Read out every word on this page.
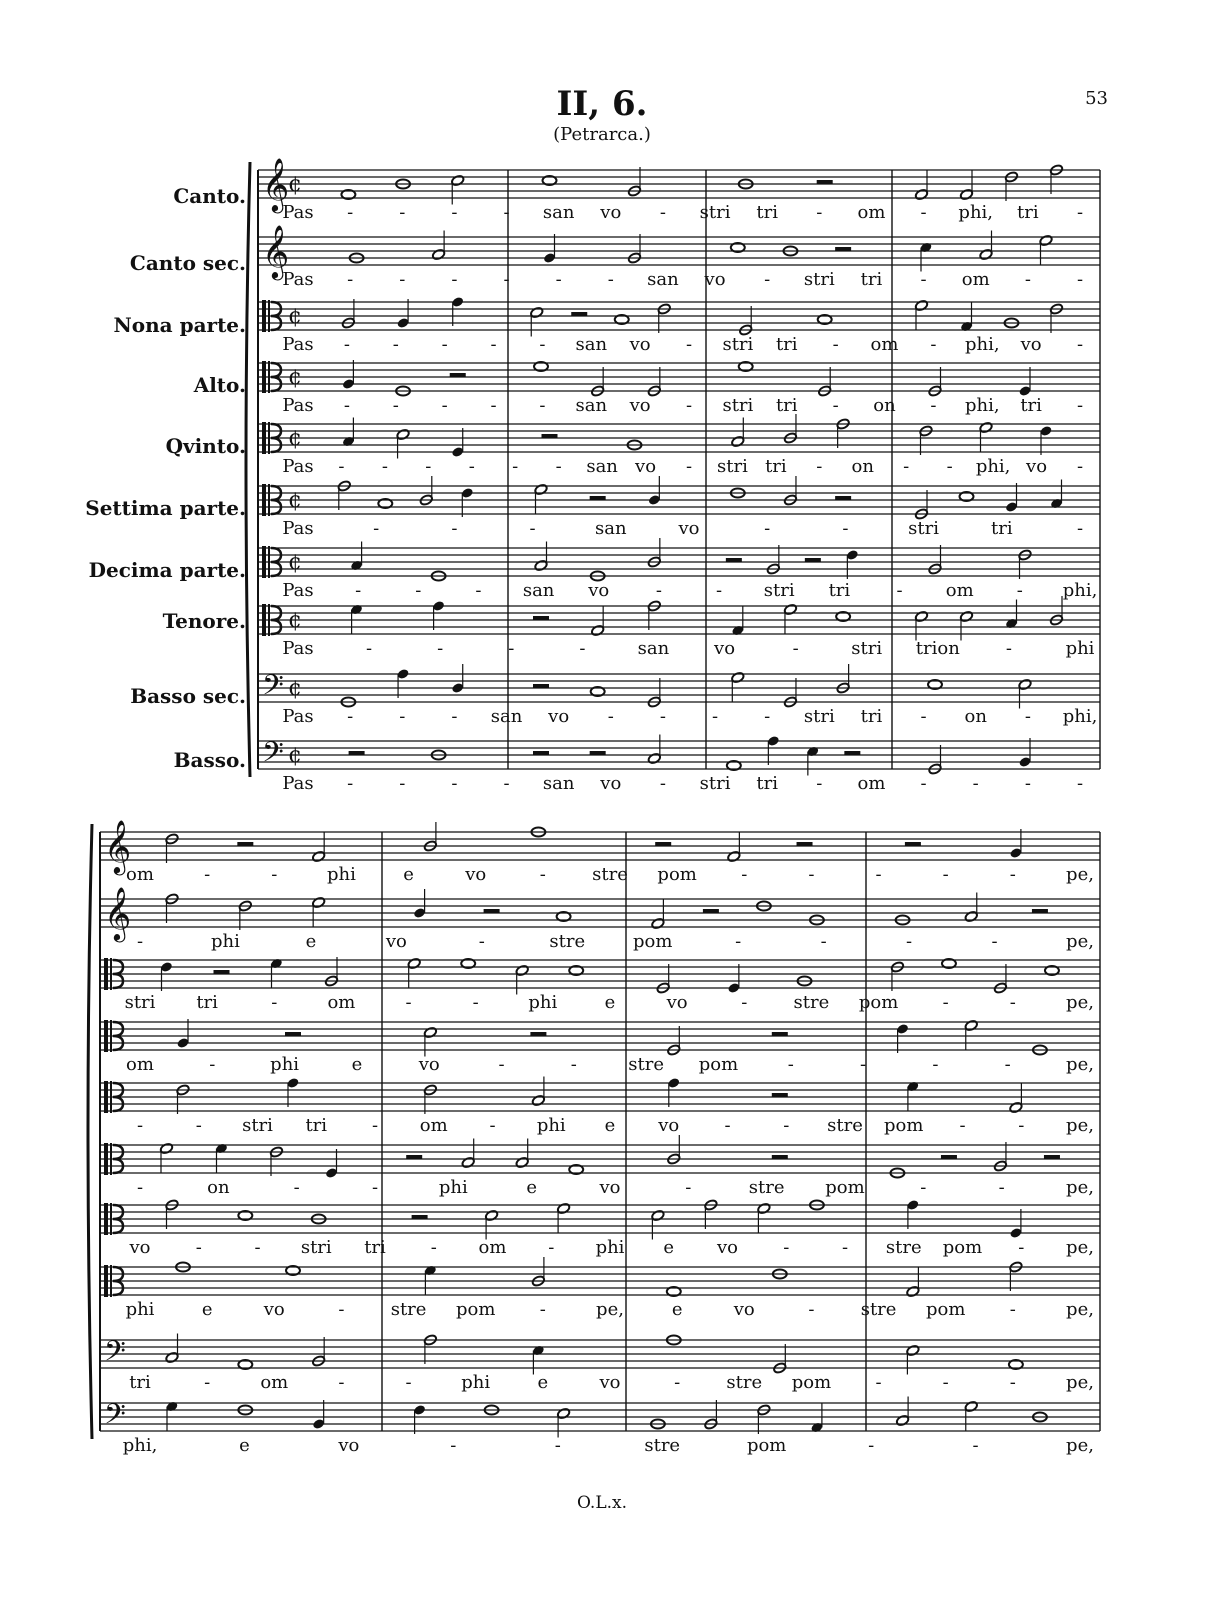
II, 6.
(Petrarca.)
53
Canto.
Canto sec.
Nona parte.
Alto.
Qvinto.
Settima parte.
Decima parte.
Tenore.
Basso sec.
Basso.
𝄞
¢
Pas -	-	-	- san vo - stri tri - om - phi, tri -
𝄞
Pas -	-	-	-	-	- san vo - stri tri - om -	-
¢
Pas - - - - - san vo - stri tri - om - phi, vo -
¢
Pas - - - - - san vo - stri tri - on - phi, tri -
¢
Pas - - - - - - san vo - stri tri - on - - phi, vo -
¢
Pas	-	-	-	san	vo	-	-	stri	tri	-
¢
Pas -	-	- san vo	-	- stri tri	- om - phi,
¢
Pas	-	-	-	-	san vo	-	stri trion	-	phi
𝄢 ¢
Pas -	-	- san vo -	-	-	- stri tri - on - phi,
𝄢 ¢
Pas -	-	-	- san vo - stri tri - om -	-	-	-
𝄞
om	-	-	phi	e	vo	-	stre pom -	-	-	-	-	pe,
𝄞
-	phi	e	vo	-	stre	pom	-	-	-	-	pe,
stri tri	-	om	-	-	phi	e	vo	-	stre pom -	-	pe,
om	-	phi	e	vo	-	-	stre pom	-	-	-	-	pe,
-	- stri tri - om - phi e vo	-	- stre pom -	- pe,
-	on	-	-	phi	e	vo	-	stre pom	-	-	pe,
vo	-	- stri tri - om - phi e vo	-	- stre pom - pe,
phi	e	vo	-	stre pom -	pe,	e	vo	-	stre pom -	pe,
𝄢
tri	-	om	-	-	phi	e	vo	-	stre pom -	-	-	pe,
𝄢
phi,	e	vo	-	-	stre	pom	-	-	pe,
O.L.x.
